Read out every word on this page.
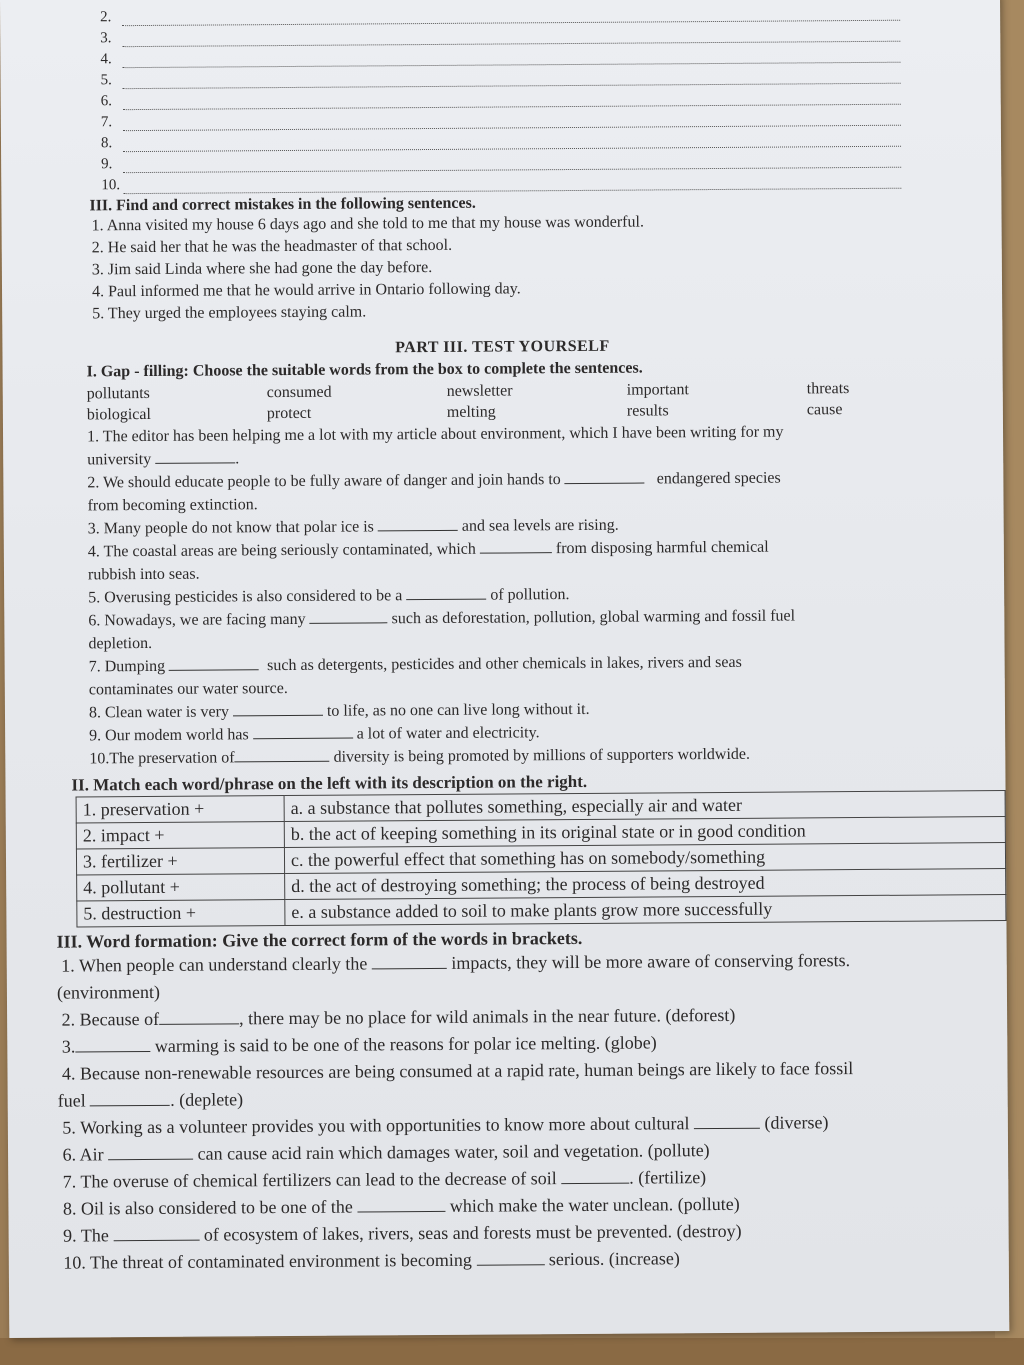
2.
3.
4.
5.
6.
7.
8.
9.
10.
III. Find and correct mistakes in the following sentences.
1. Anna visited my house 6 days ago and she told to me that my house was wonderful.
2. He said her that he was the headmaster of that school.
3. Jim said Linda where she had gone the day before.
4. Paul informed me that he would arrive in Ontario following day.
5. They urged the employees staying calm.
PART III. TEST YOURSELF
I. Gap - filling: Choose the suitable words from the box to complete the sentences.
pollutants	consumed	newsletter	important	threats
biological	protect	melting	results	cause
1. The editor has been helping me a lot with my article about environment, which I have been writing for my
university	.
2. We should educate people to be fully aware of danger and join hands to	endangered species
from becoming extinction.
3. Many people do not know that polar ice is	and sea levels are rising.
4. The coastal areas are being seriously contaminated, which	from disposing harmful chemical
rubbish into seas.
5. Overusing pesticides is also considered to be a	of pollution.
6. Nowadays, we are facing many	such as deforestation, pollution, global warming and fossil fuel
depletion.
7. Dumping	such as detergents, pesticides and other chemicals in lakes, rivers and seas
contaminates our water source.
8. Clean water is very	to life, as no one can live long without it.
9. Our modem world has	a lot of water and electricity.
10.The preservation of	diversity is being promoted by millions of supporters worldwide.
II. Match each word/phrase on the left with its description on the right.
1. preservation +	a. a substance that pollutes something, especially air and water
2. impact +	b. the act of keeping something in its original state or in good condition
3. fertilizer +	c. the powerful effect that something has on somebody/something
4. pollutant +	d. the act of destroying something; the process of being destroyed
5. destruction +	e. a substance added to soil to make plants grow more successfully
III. Word formation: Give the correct form of the words in brackets.
1. When people can understand clearly the	impacts, they will be more aware of conserving forests.
(environment)
2. Because of	, there may be no place for wild animals in the near future. (deforest)
3.	warming is said to be one of the reasons for polar ice melting. (globe)
4. Because non-renewable resources are being consumed at a rapid rate, human beings are likely to face fossil
fuel	. (deplete)
5. Working as a volunteer provides you with opportunities to know more about cultural	(diverse)
6. Air	can cause acid rain which damages water, soil and vegetation. (pollute)
7. The overuse of chemical fertilizers can lead to the decrease of soil	. (fertilize)
8. Oil is also considered to be one of the	which make the water unclean. (pollute)
9. The	of ecosystem of lakes, rivers, seas and forests must be prevented. (destroy)
10. The threat of contaminated environment is becoming	serious. (increase)
